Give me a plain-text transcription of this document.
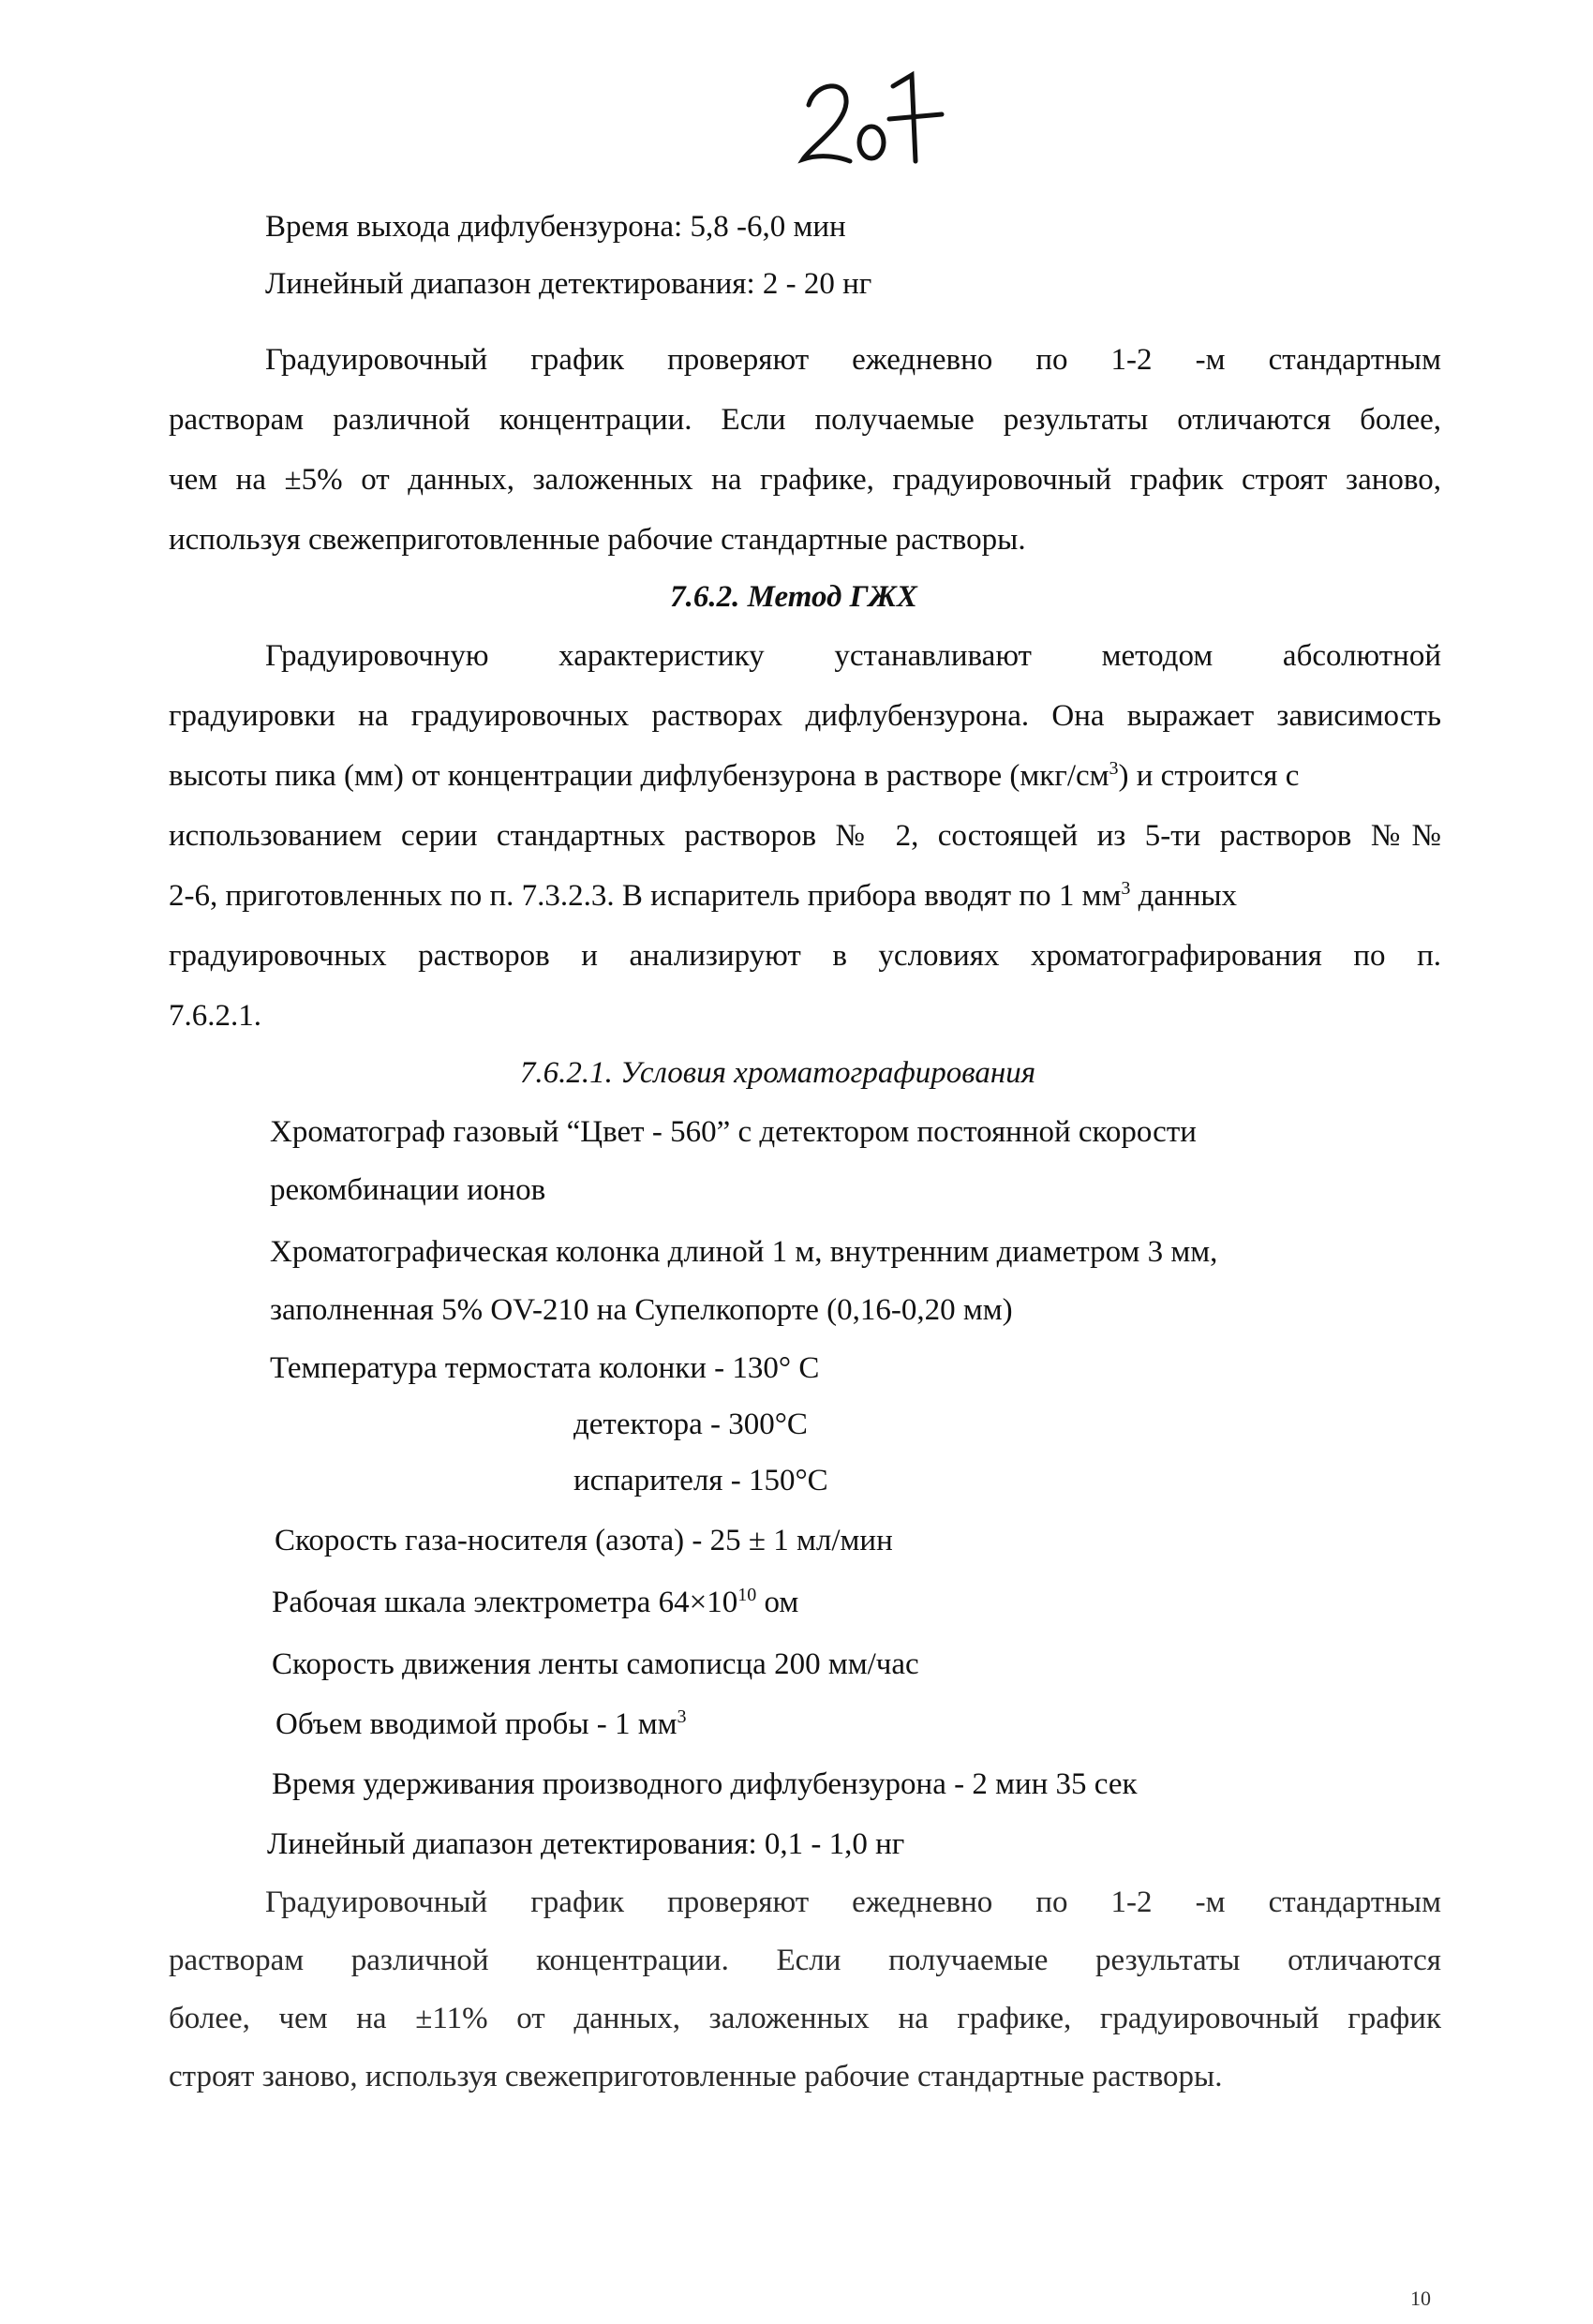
Время выхода дифлубензурона: 5,8 -6,0 мин
Линейный диапазон детектирования: 2 - 20 нг
Градуировочный график проверяют ежедневно по 1-2 -м стандартным
растворам различной концентрации. Если получаемые результаты отличаются более,
чем на ±5% от данных, заложенных на графике, градуировочный график строят заново,
используя свежеприготовленные рабочие стандартные растворы.
7.6.2. Метод ГЖХ
Градуировочную характеристику устанавливают методом абсолютной
градуировки на градуировочных растворах дифлубензурона. Она выражает зависимость
высоты пика (мм) от концентрации дифлубензурона в растворе $(мкг/см^3)$ и строится с
использованием серии стандартных растворов № 2, состоящей из 5-ти растворов №№
2-6, приготовленных по п. 7.3.2.3. В испаритель прибора вводят по 1 $мм^3$ данных
градуировочных растворов и анализируют в условиях хроматографирования по п.
7.6.2.1.
7.6.2.1. Условия хроматографирования
Хроматограф газовый “Цвет - 560” с детектором постоянной скорости
рекомбинации ионов
Хроматографическая колонка длиной 1 м, внутренним диаметром 3 мм,
заполненная 5% OV-210 на Супелкопорте (0,16-0,20 мм)
Температура термостата колонки - 130° С
детектора - 300°С
испарителя - 150°С
Скорость газа-носителя (азота) - 25 ± 1 мл/мин
Рабочая шкала электрометра $64\times 10^{10}$ ом
Скорость движения ленты самописца 200 мм/час
Объем вводимой пробы - 1 $мм^3$
Время удерживания производного дифлубензурона - 2 мин 35 сек
Линейный диапазон детектирования: 0,1 - 1,0 нг
Градуировочный график проверяют ежедневно по 1-2 -м стандартным
растворам различной концентрации. Если получаемые результаты отличаются
более, чем на ±11% от данных, заложенных на графике, градуировочный график
строят заново, используя свежеприготовленные рабочие стандартные растворы.
10
